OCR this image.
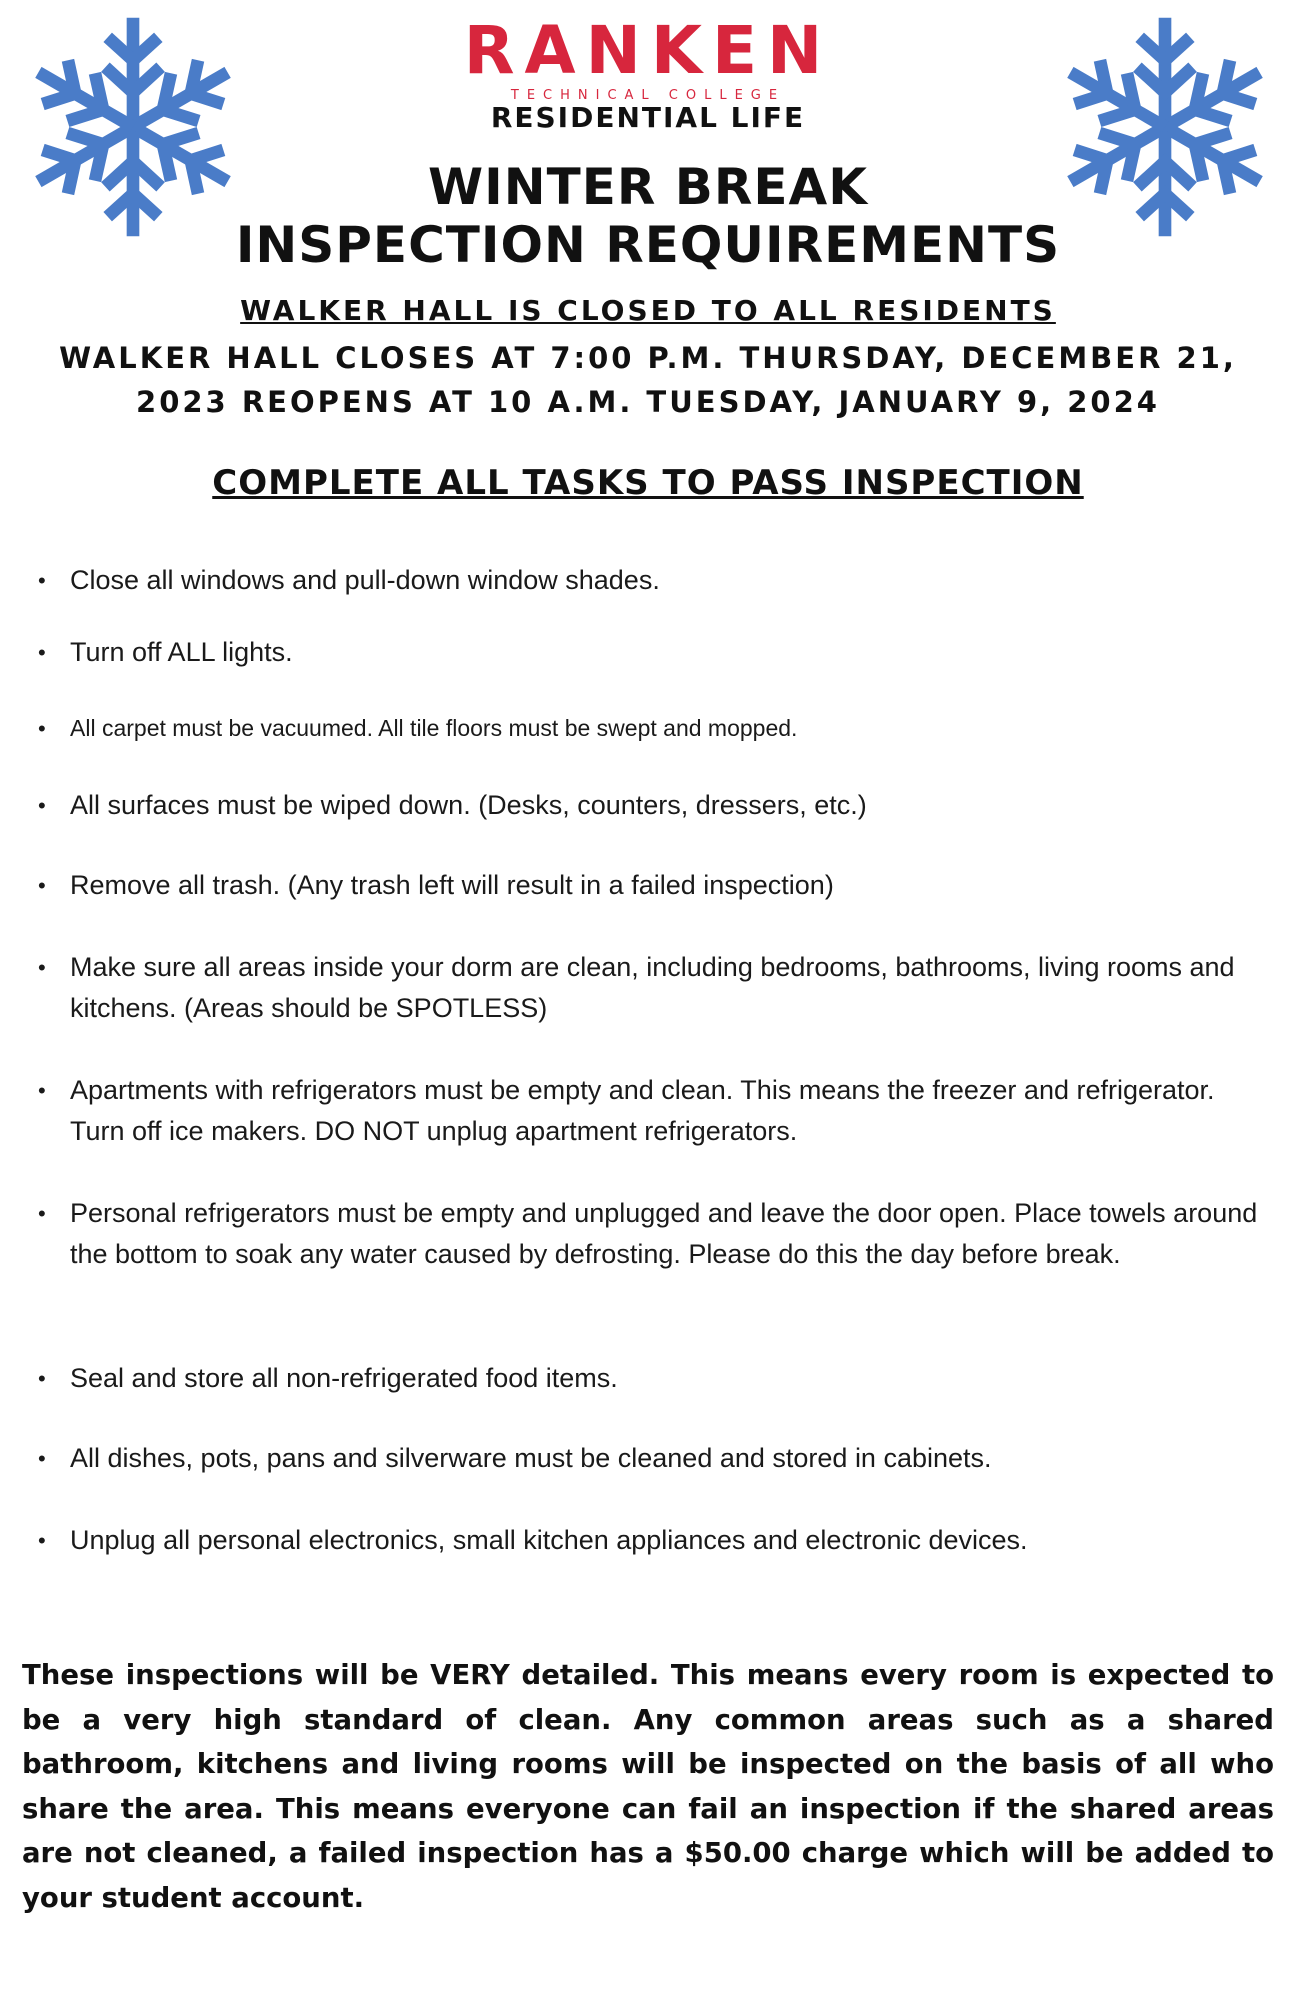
RANKEN
TECHNICAL COLLEGE
RESIDENTIAL LIFE
WINTER BREAK
INSPECTION REQUIREMENTS
WALKER HALL IS CLOSED TO ALL RESIDENTS
WALKER HALL CLOSES AT 7:00 P.M. THURSDAY, DECEMBER 21,
2023 REOPENS AT 10 A.M. TUESDAY, JANUARY 9, 2024
COMPLETE ALL TASKS TO PASS INSPECTION
• Close all windows and pull-down window shades.
• Turn off ALL lights.
•	All carpet must be vacuumed. All tile floors must be swept and mopped.
• All surfaces must be wiped down. (Desks, counters, dressers, etc.)
• Remove all trash. (Any trash left will result in a failed inspection)
• Make sure all areas inside your dorm are clean, including bedrooms, bathrooms, living rooms and kitchens. (Areas should be SPOTLESS)
• Apartments with refrigerators must be empty and clean. This means the freezer and refrigerator. Turn off ice makers. DO NOT unplug apartment refrigerators.
• Personal refrigerators must be empty and unplugged and leave the door open. Place towels around the bottom to soak any water caused by defrosting. Please do this the day before break.
• Seal and store all non-refrigerated food items.
• All dishes, pots, pans and silverware must be cleaned and stored in cabinets.
• Unplug all personal electronics, small kitchen appliances and electronic devices.
These inspections will be VERY detailed. This means every room is expected to be a very high standard of clean. Any common areas such as a shared bathroom, kitchens and living rooms will be inspected on the basis of all who share the area. This means everyone can fail an inspection if the shared areas are not cleaned, a failed inspection has a $50.00 charge which will be added to your student account.
